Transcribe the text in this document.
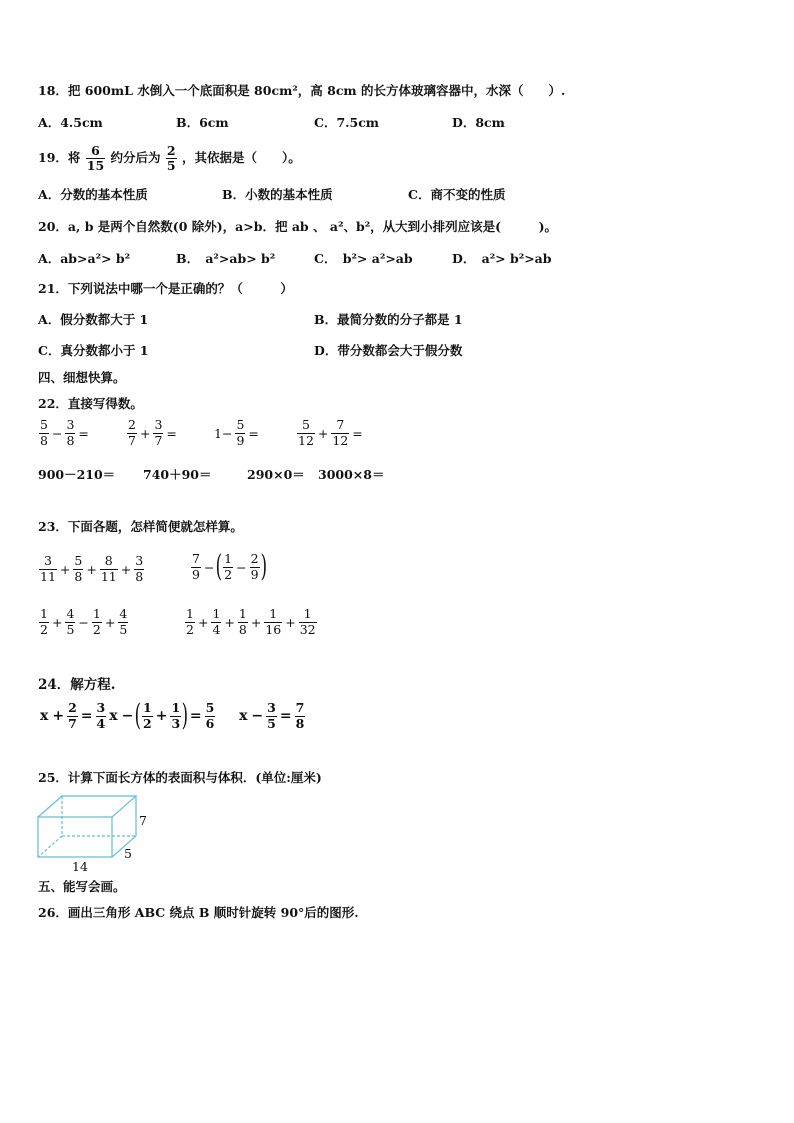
18．把 600mL 水倒入一个底面积是 80cm²，高 8cm 的长方体玻璃容器中，水深（　　）.
A．4.5cm	B．6cm	C．7.5cm	D．8cm
19．将 $\frac{6}{15}$ 约分后为 $\frac{2}{5}$ ，其依据是（　　）。
A．分数的基本性质	B．小数的基本性质	C．商不变的性质
20．a, b 是两个自然数(0 除外)，a>b．把 ab 、 a²、b²，从大到小排列应该是(　　　)。
A．ab>a²> b²	B．　a²>ab> b²	C．　b²> a²>ab	D．　a²> b²>ab
21．下列说法中哪一个是正确的？（　　　）
A．假分数都大于 1	B．最简分数的分子都是 1
C．真分数都小于 1	D．带分数都会大于假分数
四、细想快算。
22．直接写得数。
$\frac{5}{8} - \frac{3}{8}$ =	$\frac{2}{7} + \frac{3}{7}$ =	$1- \frac{5}{9}$ =	$\frac{5}{12} + \frac{7}{12}$ =
900－210＝ 740＋90＝	290×0＝ 3000×8＝
23．下面各题，怎样简便就怎样算。
$\frac{3}{11} + \frac{5}{8} + \frac{8}{11} + \frac{3}{8}$	$\frac{7}{9}$ −( $\frac{1}{2} - \frac{2}{9}$ )
$\frac{1}{2} + \frac{4}{5} - \frac{1}{2} + \frac{4}{5}$	$\frac{1}{2} + \frac{1}{4} + \frac{1}{8} + \frac{1}{16} + \frac{1}{32}$
24．解方程.
$x + \frac{2}{7} = \frac{3}{4}$ x −( $\frac{1}{2} + \frac{1}{3}$ ) = $\frac{5}{6}$ $x - \frac{3}{5} = \frac{7}{8}$
25．计算下面长方体的表面积与体积．(单位:厘米)
7
5
14
五、能写会画。
26．画出三角形 ABC 绕点 B 顺时针旋转 90°后的图形.
